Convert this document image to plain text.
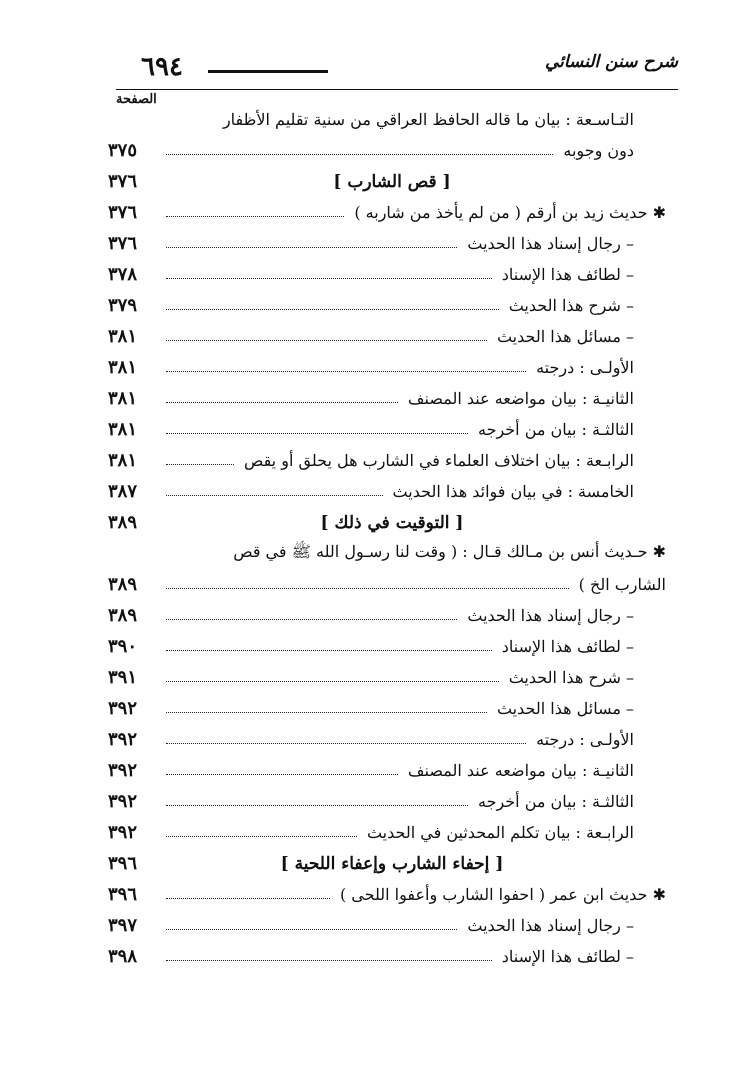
شرح سنن النسائي
٦٩٤
الصفحة
التـاسـعة : بيان ما قاله الحافظ العراقي من سنية تقليم الأظفار
دون وجوبه
٣٧٥
[ قص الشارب ]
٣٧٦
✱ حديث زيد بن أرقم ( من لم يأخذ من شاربه )
٣٧٦
– رجال إسناد هذا الحديث
٣٧٦
– لطائف هذا الإسناد
٣٧٨
– شرح هذا الحديث
٣٧٩
– مسائل هذا الحديث
٣٨١
الأولـى : درجته
٣٨١
الثانيـة : بيان مواضعه عند المصنف
٣٨١
الثالثـة : بيان من أخرجه
٣٨١
الرابـعة : بيان اختلاف العلماء في الشارب هل يحلق أو يقص
٣٨١
الخامسة : في بيان فوائد هذا الحديث
٣٨٧
[ التوقيت في ذلك ]
٣٨٩
✱ حـديث أنس بن مـالك قـال : ( وقت لنا رسـول الله ﷺ في قص
الشارب الخ )
٣٨٩
– رجال إسناد هذا الحديث
٣٨٩
– لطائف هذا الإسناد
٣٩٠
– شرح هذا الحديث
٣٩١
– مسائل هذا الحديث
٣٩٢
الأولـى : درجته
٣٩٢
الثانيـة : بيان مواضعه عند المصنف
٣٩٢
الثالثـة : بيان من أخرجه
٣٩٢
الرابـعة : بيان تكلم المحدثين في الحديث
٣٩٢
[ إحفاء الشارب وإعفاء اللحية ]
٣٩٦
✱ حديث ابن عمر ( احفوا الشارب وأعفوا اللحى )
٣٩٦
– رجال إسناد هذا الحديث
٣٩٧
– لطائف هذا الإسناد
٣٩٨
